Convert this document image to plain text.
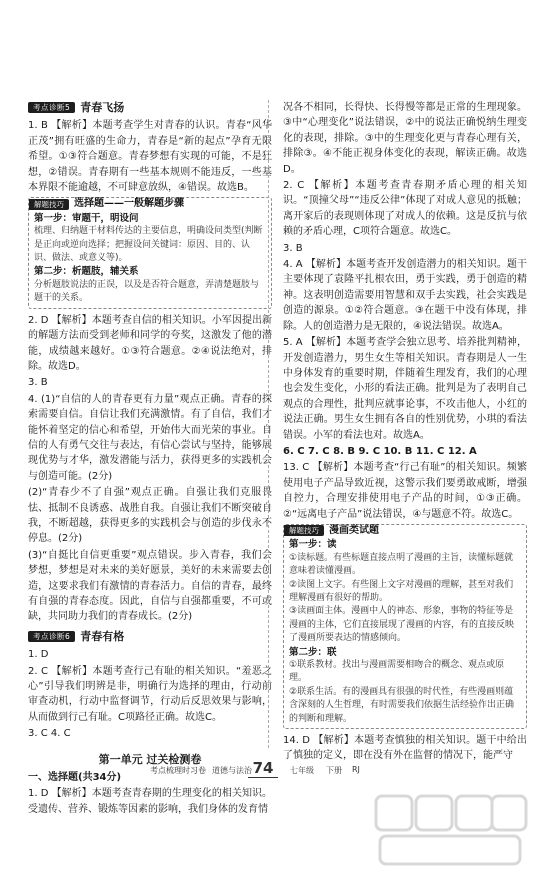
考点诊断5 青春飞扬

1. B 【解析】本题考查学生对青春的认识。青春“风华正茂”拥有旺盛的生命力，青春是“新的起点”孕育无限希望。①③符合题意。青春梦想有实现的可能，不是狂想，②错误。青春期有一些基本规则不能违反，一些基本界限不能逾越，不可肆意放纵，④错误。故选B。

解题技巧	选择题——一般解题步骤
第一步：审题干，明设问
梳理、归纳题干材料传达的主要信息，明确设问类型(判断是正向或逆向选择；把握设问关键词：原因、目的、认识、做法、或意义等)。
第二步：析题肢，辅关系
分析题肢说法的正误，以及是否符合题意，弄清楚题肢与题干的关系。

2. D 【解析】本题考查自信的相关知识。小军因提出新的解题方法而受到老师和同学的夸奖，这激发了他的潜能，成绩越来越好。①③符合题意。②④说法绝对，排除。故选D。

3. B

4. (1)“自信的人的青春更有力量”观点正确。青春的探索需要自信。自信让我们充满激情。有了自信，我们才能怀着坚定的信心和希望，开始伟大而光荣的事业。自信的人有勇气交往与表达，有信心尝试与坚持，能够展现优势与才华，激发潜能与活力，获得更多的实践机会与创造可能。(2分)

(2)“青春少不了自强”观点正确。自强让我们克服畏怯、抵制不良诱惑、战胜自我。自强让我们不断突破自我，不断超越，获得更多的实践机会与创造的步伐永不停息。(2分)

(3)“自挺比自信更重要”观点错误。步入青春，我们会梦想，梦想是对未来的美好愿景，美好的未来需要去创造，这要求我们有激情的青春活力。自信的青春，最终有自强的青春态度。因此，自信与自强都重要，不可或缺，共同助力我们的青春成长。(2分)

考点诊断6 青春有格

1. D

2. C 【解析】本题考查行己有耻的相关知识。“羞恶之心”引导我们明辨是非，明确行为选择的理由，行动前审查动机，行动中监督调节，行动后反思效果与影响，从而做到行己有耻。C项路径正确。故选C。

3. C 4. C

第一单元 过关检测卷
一、选择题(共34分)

1. D 【解析】本题考查青春期的生理变化的相关知识。受遗传、营养、锻炼等因素的影响，我们身体的发育情

况各不相同，长得快、长得慢等都是正常的生理现象。③中“心理变化”说法错误，②中的说法正确悦纳生理变化的表现，排除。③中的生理变化更与青春心理有关，排除③。④不能正视身体变化的表现，解读正确。故选D。

2. C 【解析】本题考查青春期矛盾心理的相关知识。“顶撞父母”“违反公律”体现了对成人意见的抵触；离开家后的表现则体现了对成人的依赖。这是反抗与依赖的矛盾心理，C项符合题意。故选C。

3. B

4. A 【解析】本题考查开发创造潜力的相关知识。题干主要体现了袁隆平扎根农田，勇于实践，勇于创造的精神。这表明创造需要用智慧和双手去实践，社会实践是创造的源泉。①②符合题意。③在题干中没有体现，排除。人的创造潜力是无限的，④说法错误。故选A。

5. A 【解析】本题考查学会独立思考、培养批判精神，开发创造潜力，男生女生等相关知识。青春期是人一生中身体发育的重要时期，伴随着生理发育，我们的心理也会发生变化，小形的看法正确。批判是为了表明自己观点的合理性，批判应就事论事，不攻击他人，小红的说法正确。男生女生拥有各自的性别优势，小琪的看法错误。小军的看法也对。故选A。

6. C 7. C 8. B 9. C 10. B 11. C 12. A

13. C 【解析】本题考查“行己有耻”的相关知识。频繁使用电子产品导致近视，这警示我们要勇敢戒断，增强自控力，合理安排使用电子产品的时间，①③正确。②“远离电子产品”说法错误，④与题意不符。故选C。

解题技巧	漫画类试题
第一步：读
①读标题。有些标题直接点明了漫画的主旨，读懂标题就意味着读懂漫画。
②读图上文字。有些图上文字对漫画的理解，甚至对我们理解漫画有很好的帮助。
③读画面主体。漫画中人的神态、形象，事物的特征等是漫画的主体，它们直接展现了漫画的内容，有的直接反映了漫画所要表达的情感倾向。
第二步：联
①联系教材。找出与漫画需要相吻合的概念、观点或原理。
②联系生活。有的漫画具有很强的时代性，有些漫画则蕴含深刻的人生哲理，有时需要我们依据生活经验作出正确的判断和理解。

14. D 【解析】本题考查慎独的相关知识。题干中给出了慎独的定义，即在没有外在监督的情况下，能严守

考点梳理时习卷 道德与法治 74	七年级 下册 RJ
